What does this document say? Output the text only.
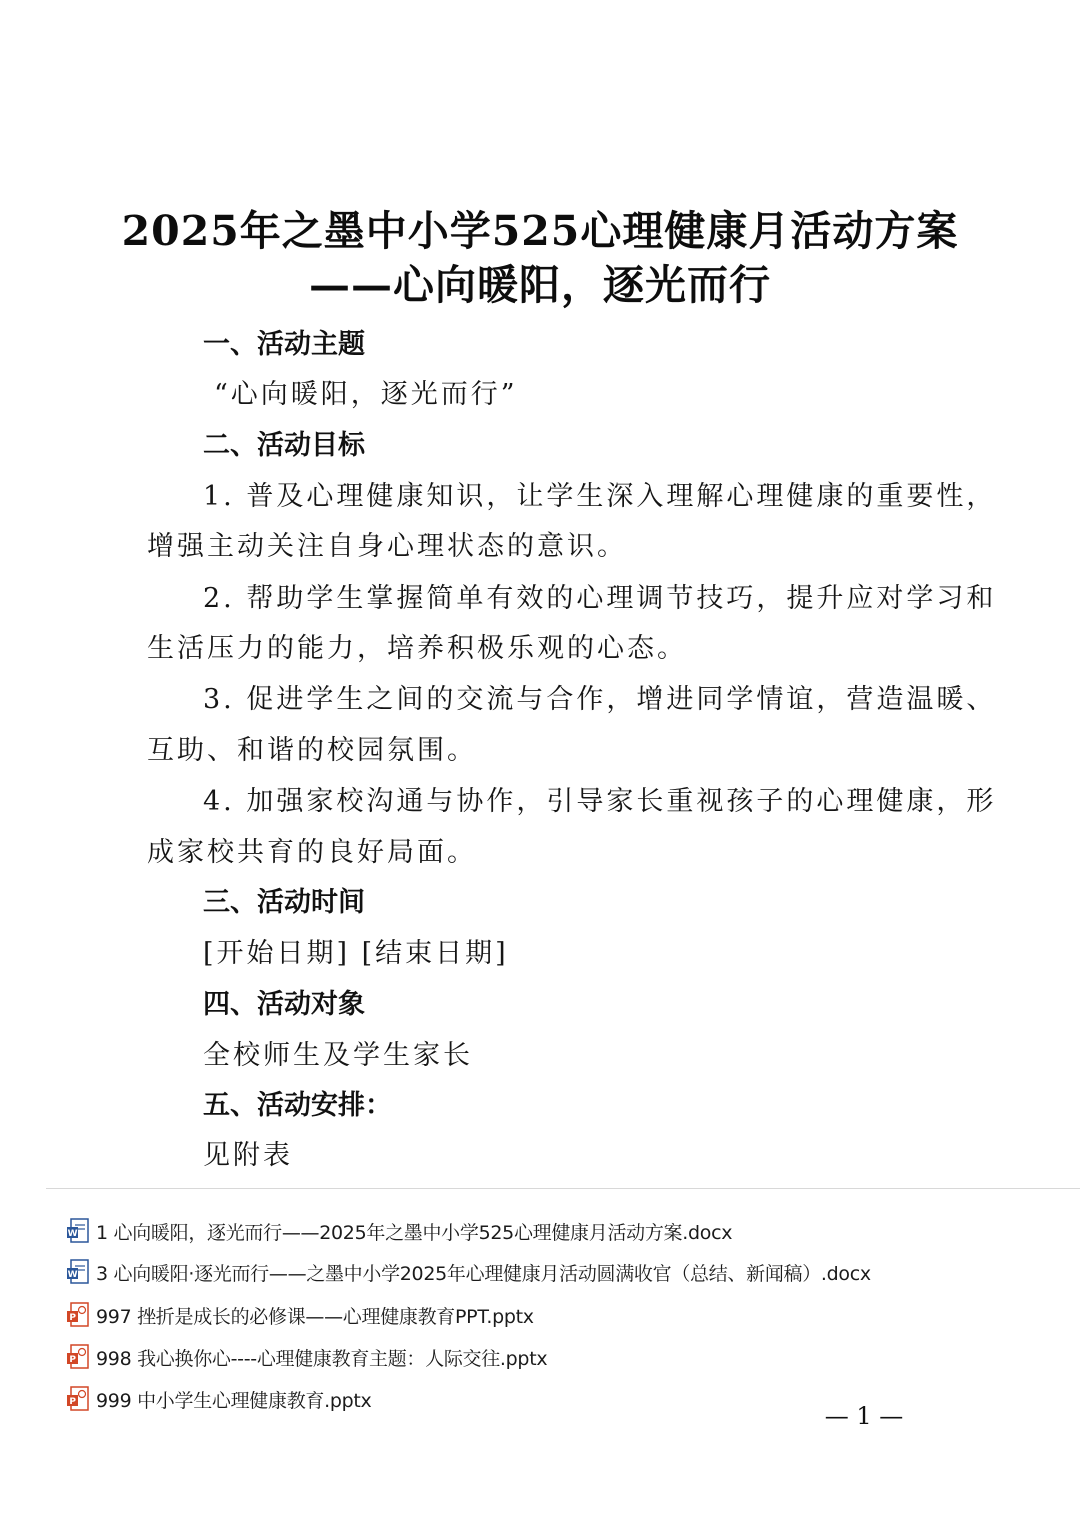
2025年之墨中小学525心理健康月活动方案
——心向暖阳，逐光而行
一、活动主题
“心向暖阳，逐光而行”
二、活动目标
1. 普及心理健康知识，让学生深入理解心理健康的重要性，
增强主动关注自身心理状态的意识。
2. 帮助学生掌握简单有效的心理调节技巧，提升应对学习和
生活压力的能力，培养积极乐观的心态。
3. 促进学生之间的交流与合作，增进同学情谊，营造温暖、
互助、和谐的校园氛围。
4. 加强家校沟通与协作，引导家长重视孩子的心理健康，形
成家校共育的良好局面。
三、活动时间
[开始日期] [结束日期]
四、活动对象
全校师生及学生家长
五、活动安排：
见附表
W 1 心向暖阳，逐光而行——2025年之墨中小学525心理健康月活动方案.docx
W 3 心向暖阳·逐光而行——之墨中小学2025年心理健康月活动圆满收官（总结、新闻稿）.docx
P 997 挫折是成长的必修课——心理健康教育PPT.pptx
P 998 我心换你心----心理健康教育主题：人际交往.pptx
P 999 中小学生心理健康教育.pptx
— 1 —
